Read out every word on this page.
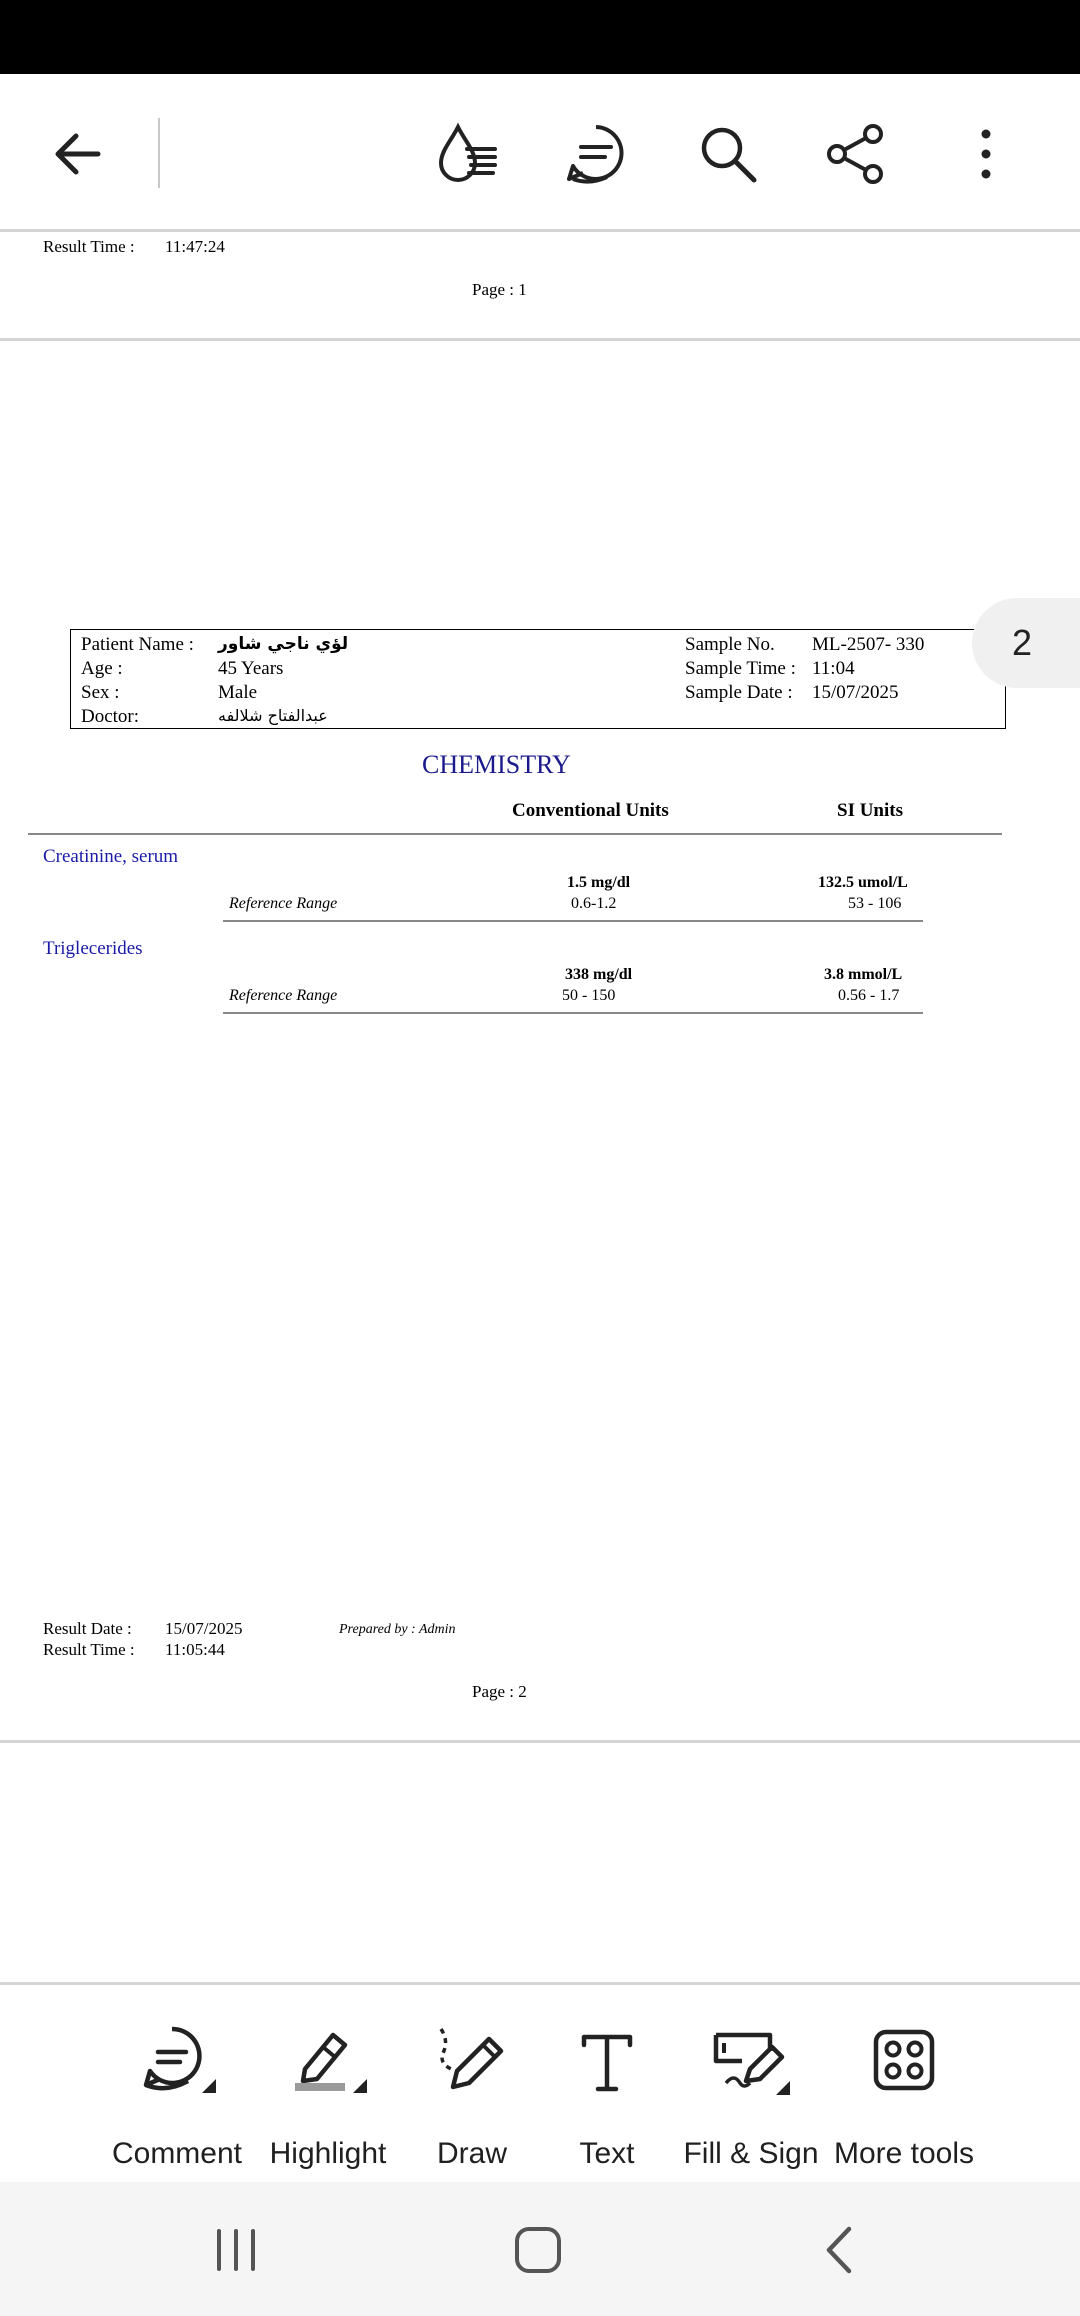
Result Time : 11:47:24
Page : 1
Patient Name : لؤي ناجي شاور
Age :	45 Years
Sex :	Male
Doctor:	عبدالفتاح شلالفه
Sample No. ML-2507- 330
Sample Time : 11:04
Sample Date : 15/07/2025
CHEMISTRY
Conventional Units	SI Units
Creatinine, serum
1.5 mg/dl	132.5 umol/L
Reference Range	0.6-1.2	53 - 106
Triglecerides
338 mg/dl	3.8 mmol/L
Reference Range	50 - 150	0.56 - 1.7
Result Date : 15/07/2025	Prepared by : Admin
Result Time : 11:05:44
Page : 2
2
Comment Highlight	Draw	Text	Fill & Sign More tools
